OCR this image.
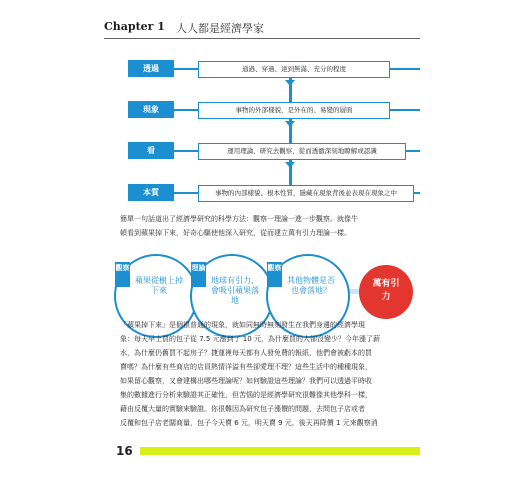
Chapter 1 人人都是經濟學家
透過	通過、穿過、達到無滿、充分的程度
現象	事物的外部樣貌，是外在的、易變的層面
看	運用理論、研究去觀察，從而透徹深刻地瞭解或認識
本質	事物的內部樣貌、根本性質，隱藏在現象背後並表現在現象之中
簡單一句話道出了經濟學研究的科學方法：觀察一理論一進一步觀察。就像牛
頓看到蘋果掉下來，好奇心驅使他深入研究，從而建立萬有引力理論一樣。
觀察
蘋果從樹上掉下來
理論
地球有引力，會吸引蘋果落地
觀察
其他物體是否也會落地？
萬有引力
「蘋果掉下來」是個很普通的現象，就如同無時無刻發生在我們身邊的經濟學現
象：每天早上買的包子從 7.5 元漲到了 10 元，為什麼買的人卻沒變少？今年漲了薪
水，為什麼仍舊買不起房子？捷運裡每天都有人發免費的報紙，他們會被虧本的買
賣嗎？為什麼有些商店的店員熱情洋溢有些卻愛理不理？這些生活中的種種現象，
如果留心觀察，又會建構出哪些理論呢？如何驗證這些理論？我們可以透過平時收
集的數據進行分析來驗證其正確性，但苦惱的是經濟學研究很難像其他學科一樣，
藉由反覆大量的實驗來驗證。你很難因為研究包子漲價的問題，去問包子店或者
反覆和包子店老闆商量，包子今天賣 6 元，明天賣 9 元，後天再降價 1 元來觀察消
16
